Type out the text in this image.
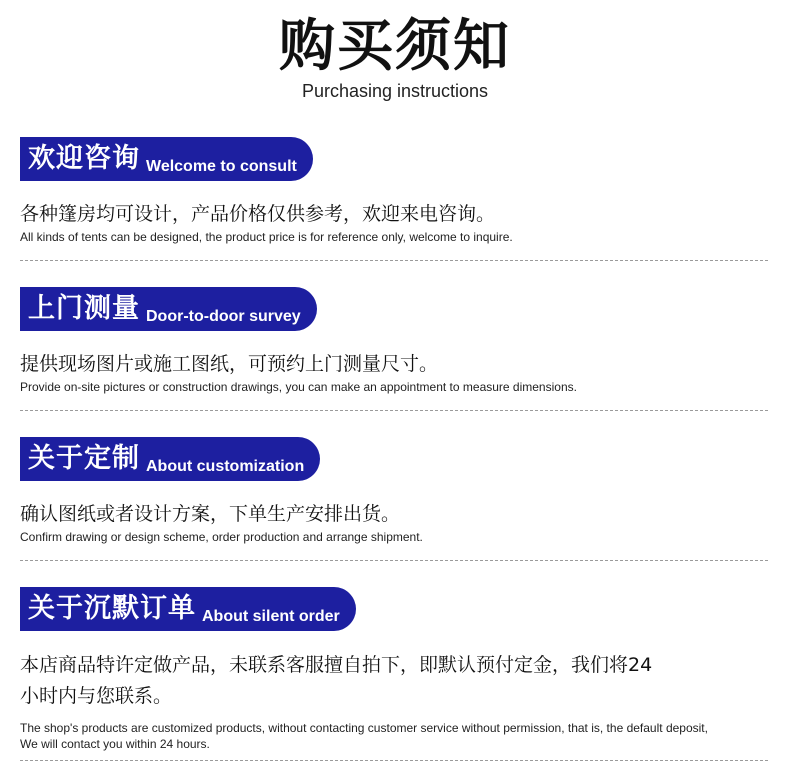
购买须知
Purchasing instructions
欢迎咨询 Welcome to consult
各种篷房均可设计，产品价格仅供参考，欢迎来电咨询。
All kinds of tents can be designed, the product price is for reference only, welcome to inquire.
上门测量 Door-to-door survey
提供现场图片或施工图纸，可预约上门测量尺寸。
Provide on-site pictures or construction drawings, you can make an appointment to measure dimensions.
关于定制 About customization
确认图纸或者设计方案，下单生产安排出货。
Confirm drawing or design scheme, order production and arrange shipment.
关于沉默订单 About silent order
本店商品特许定做产品，未联系客服擅自拍下，即默认预付定金，我们将24
小时内与您联系。
The shop's products are customized products, without contacting customer service without permission, that is, the default deposit,
We will contact you within 24 hours.
